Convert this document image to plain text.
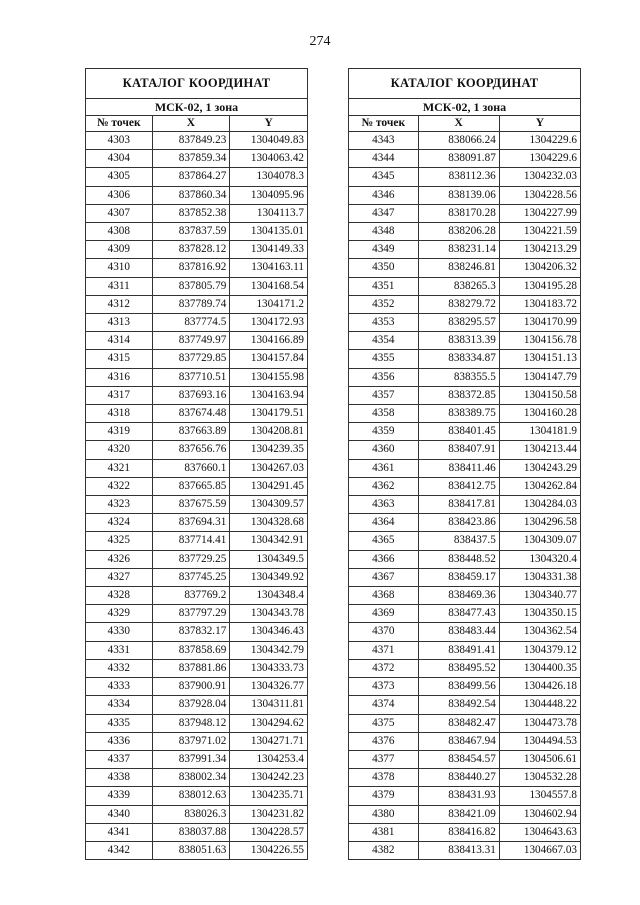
274
КАТАЛОГ КООРДИНАТ		
МСК-02, 1 зона		
№ точек	X	Y
4303	837849.23	1304049.83
4304	837859.34	1304063.42
4305	837864.27	1304078.3
4306	837860.34	1304095.96
4307	837852.38	1304113.7
4308	837837.59	1304135.01
4309	837828.12	1304149.33
4310	837816.92	1304163.11
4311	837805.79	1304168.54
4312	837789.74	1304171.2
4313	837774.5	1304172.93
4314	837749.97	1304166.89
4315	837729.85	1304157.84
4316	837710.51	1304155.98
4317	837693.16	1304163.94
4318	837674.48	1304179.51
4319	837663.89	1304208.81
4320	837656.76	1304239.35
4321	837660.1	1304267.03
4322	837665.85	1304291.45
4323	837675.59	1304309.57
4324	837694.31	1304328.68
4325	837714.41	1304342.91
4326	837729.25	1304349.5
4327	837745.25	1304349.92
4328	837769.2	1304348.4
4329	837797.29	1304343.78
4330	837832.17	1304346.43
4331	837858.69	1304342.79
4332	837881.86	1304333.73
4333	837900.91	1304326.77
4334	837928.04	1304311.81
4335	837948.12	1304294.62
4336	837971.02	1304271.71
4337	837991.34	1304253.4
4338	838002.34	1304242.23
4339	838012.63	1304235.71
4340	838026.3	1304231.82
4341	838037.88	1304228.57
4342	838051.63	1304226.55
КАТАЛОГ КООРДИНАТ		
МСК-02, 1 зона		
№ точек	X	Y
4343	838066.24	1304229.6
4344	838091.87	1304229.6
4345	838112.36	1304232.03
4346	838139.06	1304228.56
4347	838170.28	1304227.99
4348	838206.28	1304221.59
4349	838231.14	1304213.29
4350	838246.81	1304206.32
4351	838265.3	1304195.28
4352	838279.72	1304183.72
4353	838295.57	1304170.99
4354	838313.39	1304156.78
4355	838334.87	1304151.13
4356	838355.5	1304147.79
4357	838372.85	1304150.58
4358	838389.75	1304160.28
4359	838401.45	1304181.9
4360	838407.91	1304213.44
4361	838411.46	1304243.29
4362	838412.75	1304262.84
4363	838417.81	1304284.03
4364	838423.86	1304296.58
4365	838437.5	1304309.07
4366	838448.52	1304320.4
4367	838459.17	1304331.38
4368	838469.36	1304340.77
4369	838477.43	1304350.15
4370	838483.44	1304362.54
4371	838491.41	1304379.12
4372	838495.52	1304400.35
4373	838499.56	1304426.18
4374	838492.54	1304448.22
4375	838482.47	1304473.78
4376	838467.94	1304494.53
4377	838454.57	1304506.61
4378	838440.27	1304532.28
4379	838431.93	1304557.8
4380	838421.09	1304602.94
4381	838416.82	1304643.63
4382	838413.31	1304667.03
